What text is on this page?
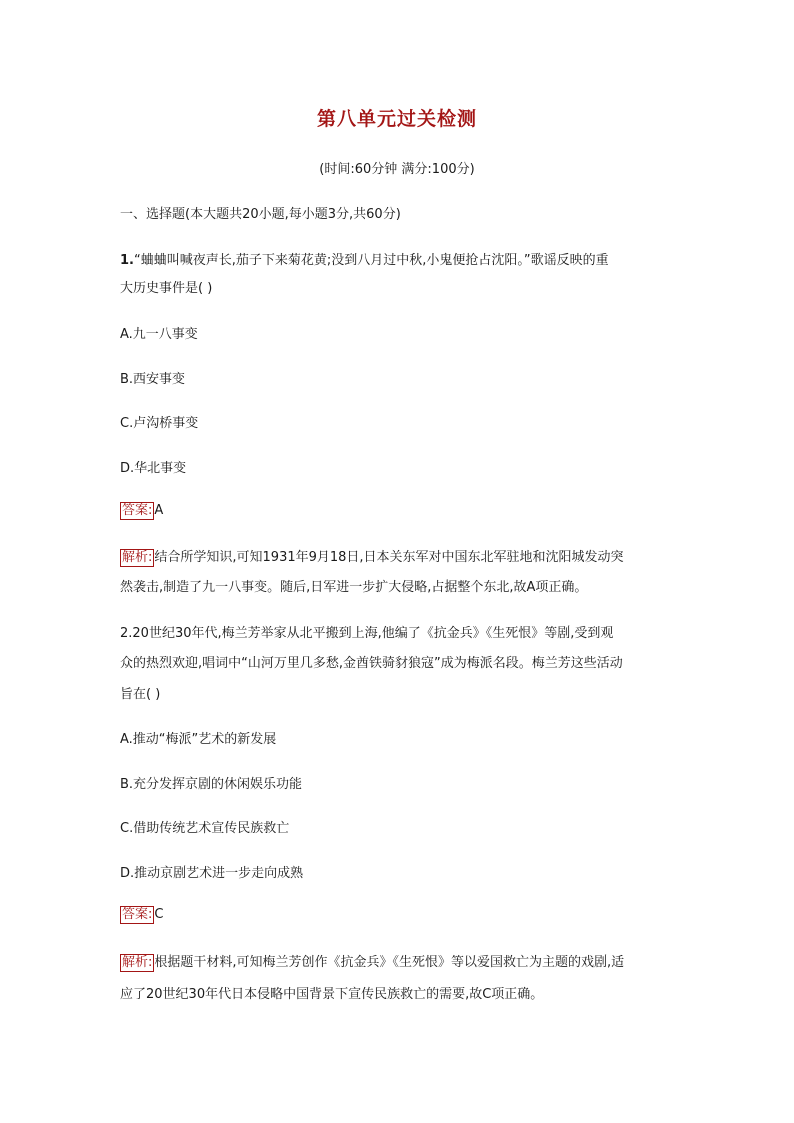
第八单元过关检测
(时间:60分钟 满分:100分)
一、选择题(本大题共20小题,每小题3分,共60分)
1.“蛐蛐叫喊夜声长,茄子下来菊花黄;没到八月过中秋,小鬼便抢占沈阳。”歌谣反映的重
大历史事件是( )
A.九一八事变
B.西安事变
C.卢沟桥事变
D.华北事变
答案: A
解析: 结合所学知识,可知1931年9月18日,日本关东军对中国东北军驻地和沈阳城发动突
然袭击,制造了九一八事变。随后,日军进一步扩大侵略,占据整个东北,故A项正确。
2.20世纪30年代,梅兰芳举家从北平搬到上海,他编了《抗金兵》《生死恨》等剧,受到观
众的热烈欢迎,唱词中“山河万里几多愁,金酋铁骑豺狼寇”成为梅派名段。梅兰芳这些活动
旨在( )
A.推动“梅派”艺术的新发展
B.充分发挥京剧的休闲娱乐功能
C.借助传统艺术宣传民族救亡
D.推动京剧艺术进一步走向成熟
答案: C
解析: 根据题干材料,可知梅兰芳创作《抗金兵》《生死恨》等以爱国救亡为主题的戏剧,适
应了20世纪30年代日本侵略中国背景下宣传民族救亡的需要,故C项正确。
